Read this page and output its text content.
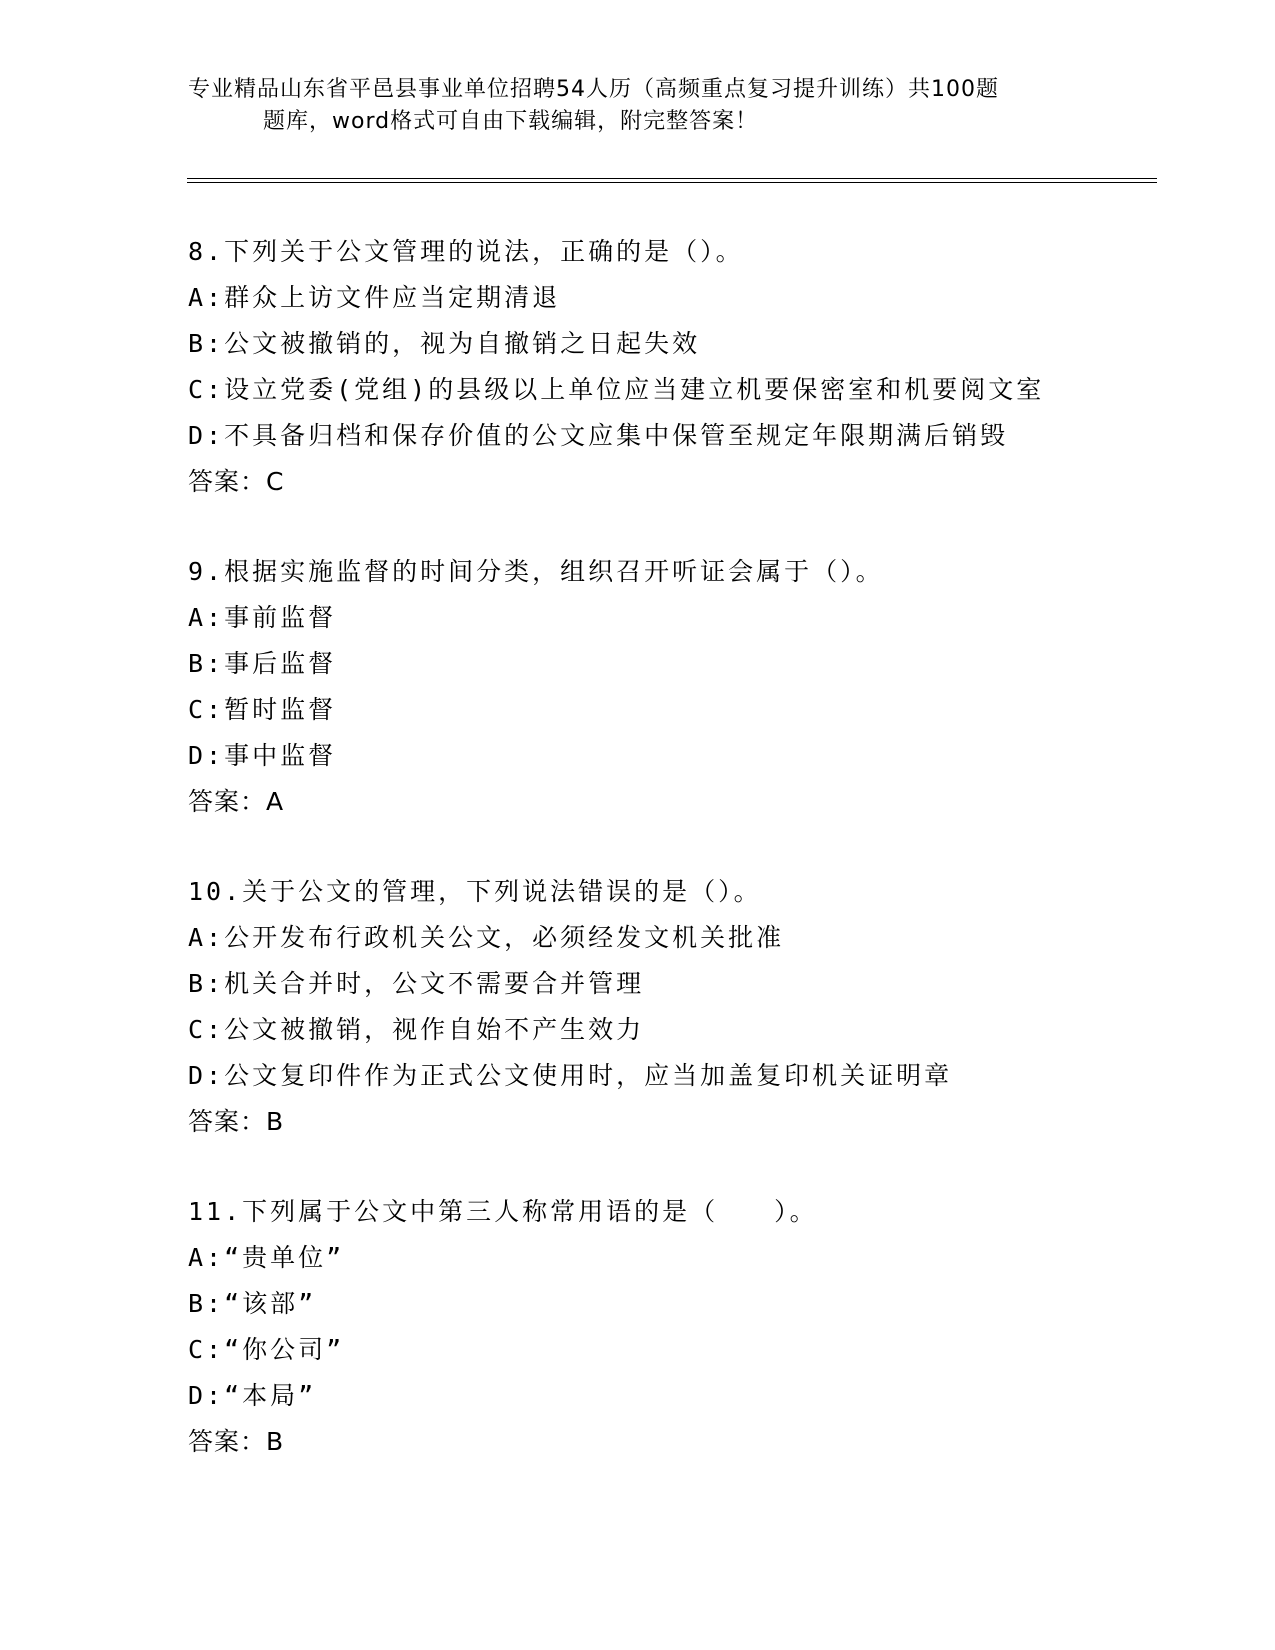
专业精品山东省平邑县事业单位招聘54人历（高频重点复习提升训练）共100题
题库，word格式可自由下载编辑，附完整答案！
8.下列关于公文管理的说法，正确的是（）。
A:群众上访文件应当定期清退
B:公文被撤销的，视为自撤销之日起失效
C:设立党委(党组)的县级以上单位应当建立机要保密室和机要阅文室
D:不具备归档和保存价值的公文应集中保管至规定年限期满后销毁
答案：C
9.根据实施监督的时间分类，组织召开听证会属于（）。
A:事前监督
B:事后监督
C:暂时监督
D:事中监督
答案：A
10.关于公文的管理，下列说法错误的是（）。
A:公开发布行政机关公文，必须经发文机关批准
B:机关合并时，公文不需要合并管理
C:公文被撤销，视作自始不产生效力
D:公文复印件作为正式公文使用时，应当加盖复印机关证明章
答案：B
11.下列属于公文中第三人称常用语的是（　　）。
A:“贵单位”
B:“该部”
C:“你公司”
D:“本局”
答案：B
